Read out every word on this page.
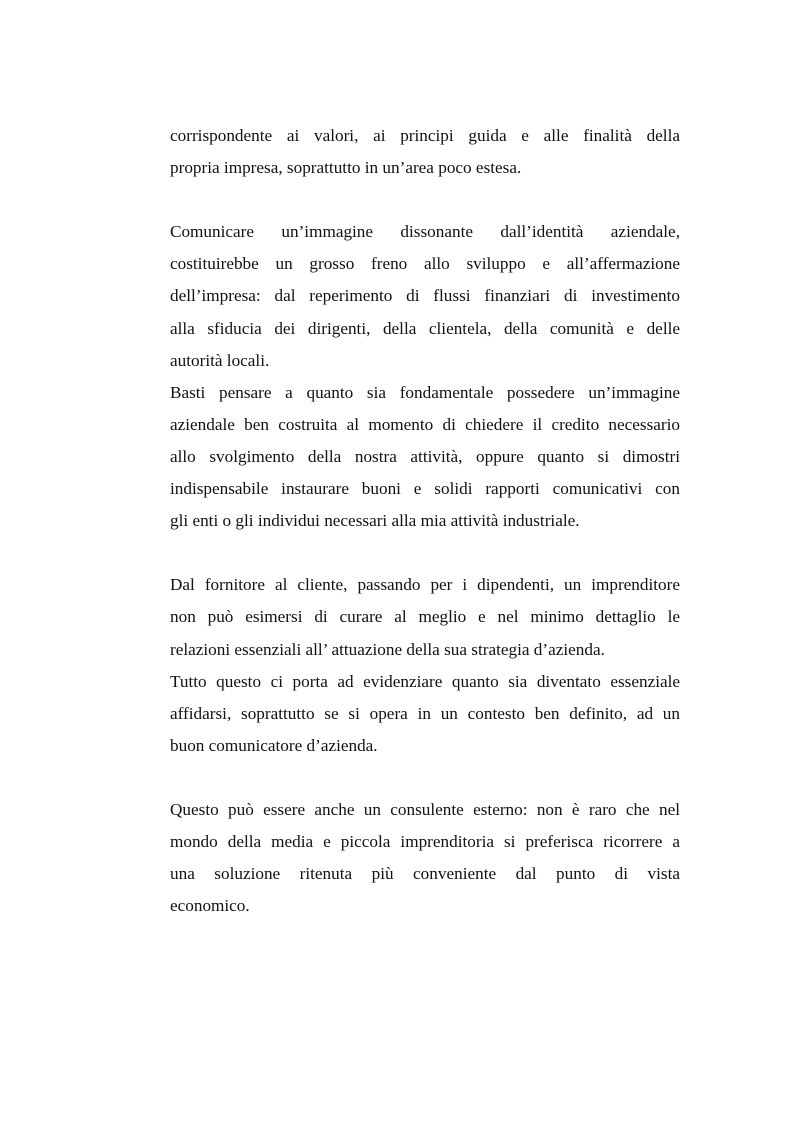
corrispondente ai valori, ai principi guida e alle finalità della
propria impresa, soprattutto in un’area poco estesa.

Comunicare un’immagine dissonante dall’identità aziendale,
costituirebbe un grosso freno allo sviluppo e all’affermazione
dell’impresa: dal reperimento di flussi finanziari di investimento
alla sfiducia dei dirigenti, della clientela, della comunità e delle
autorità locali.

Basti pensare a quanto sia fondamentale possedere un’immagine
aziendale ben costruita al momento di chiedere il credito necessario
allo svolgimento della nostra attività, oppure quanto si dimostri
indispensabile instaurare buoni e solidi rapporti comunicativi con
gli enti o gli individui necessari alla mia attività industriale.

Dal fornitore al cliente, passando per i dipendenti, un imprenditore
non può esimersi di curare al meglio e nel minimo dettaglio le
relazioni essenziali all’ attuazione della sua strategia d’azienda.

Tutto questo ci porta ad evidenziare quanto sia diventato essenziale
affidarsi, soprattutto se si opera in un contesto ben definito, ad un
buon comunicatore d’azienda.

Questo può essere anche un consulente esterno: non è raro che nel
mondo della media e piccola imprenditoria si preferisca ricorrere a
una soluzione ritenuta più conveniente dal punto di vista
economico.
